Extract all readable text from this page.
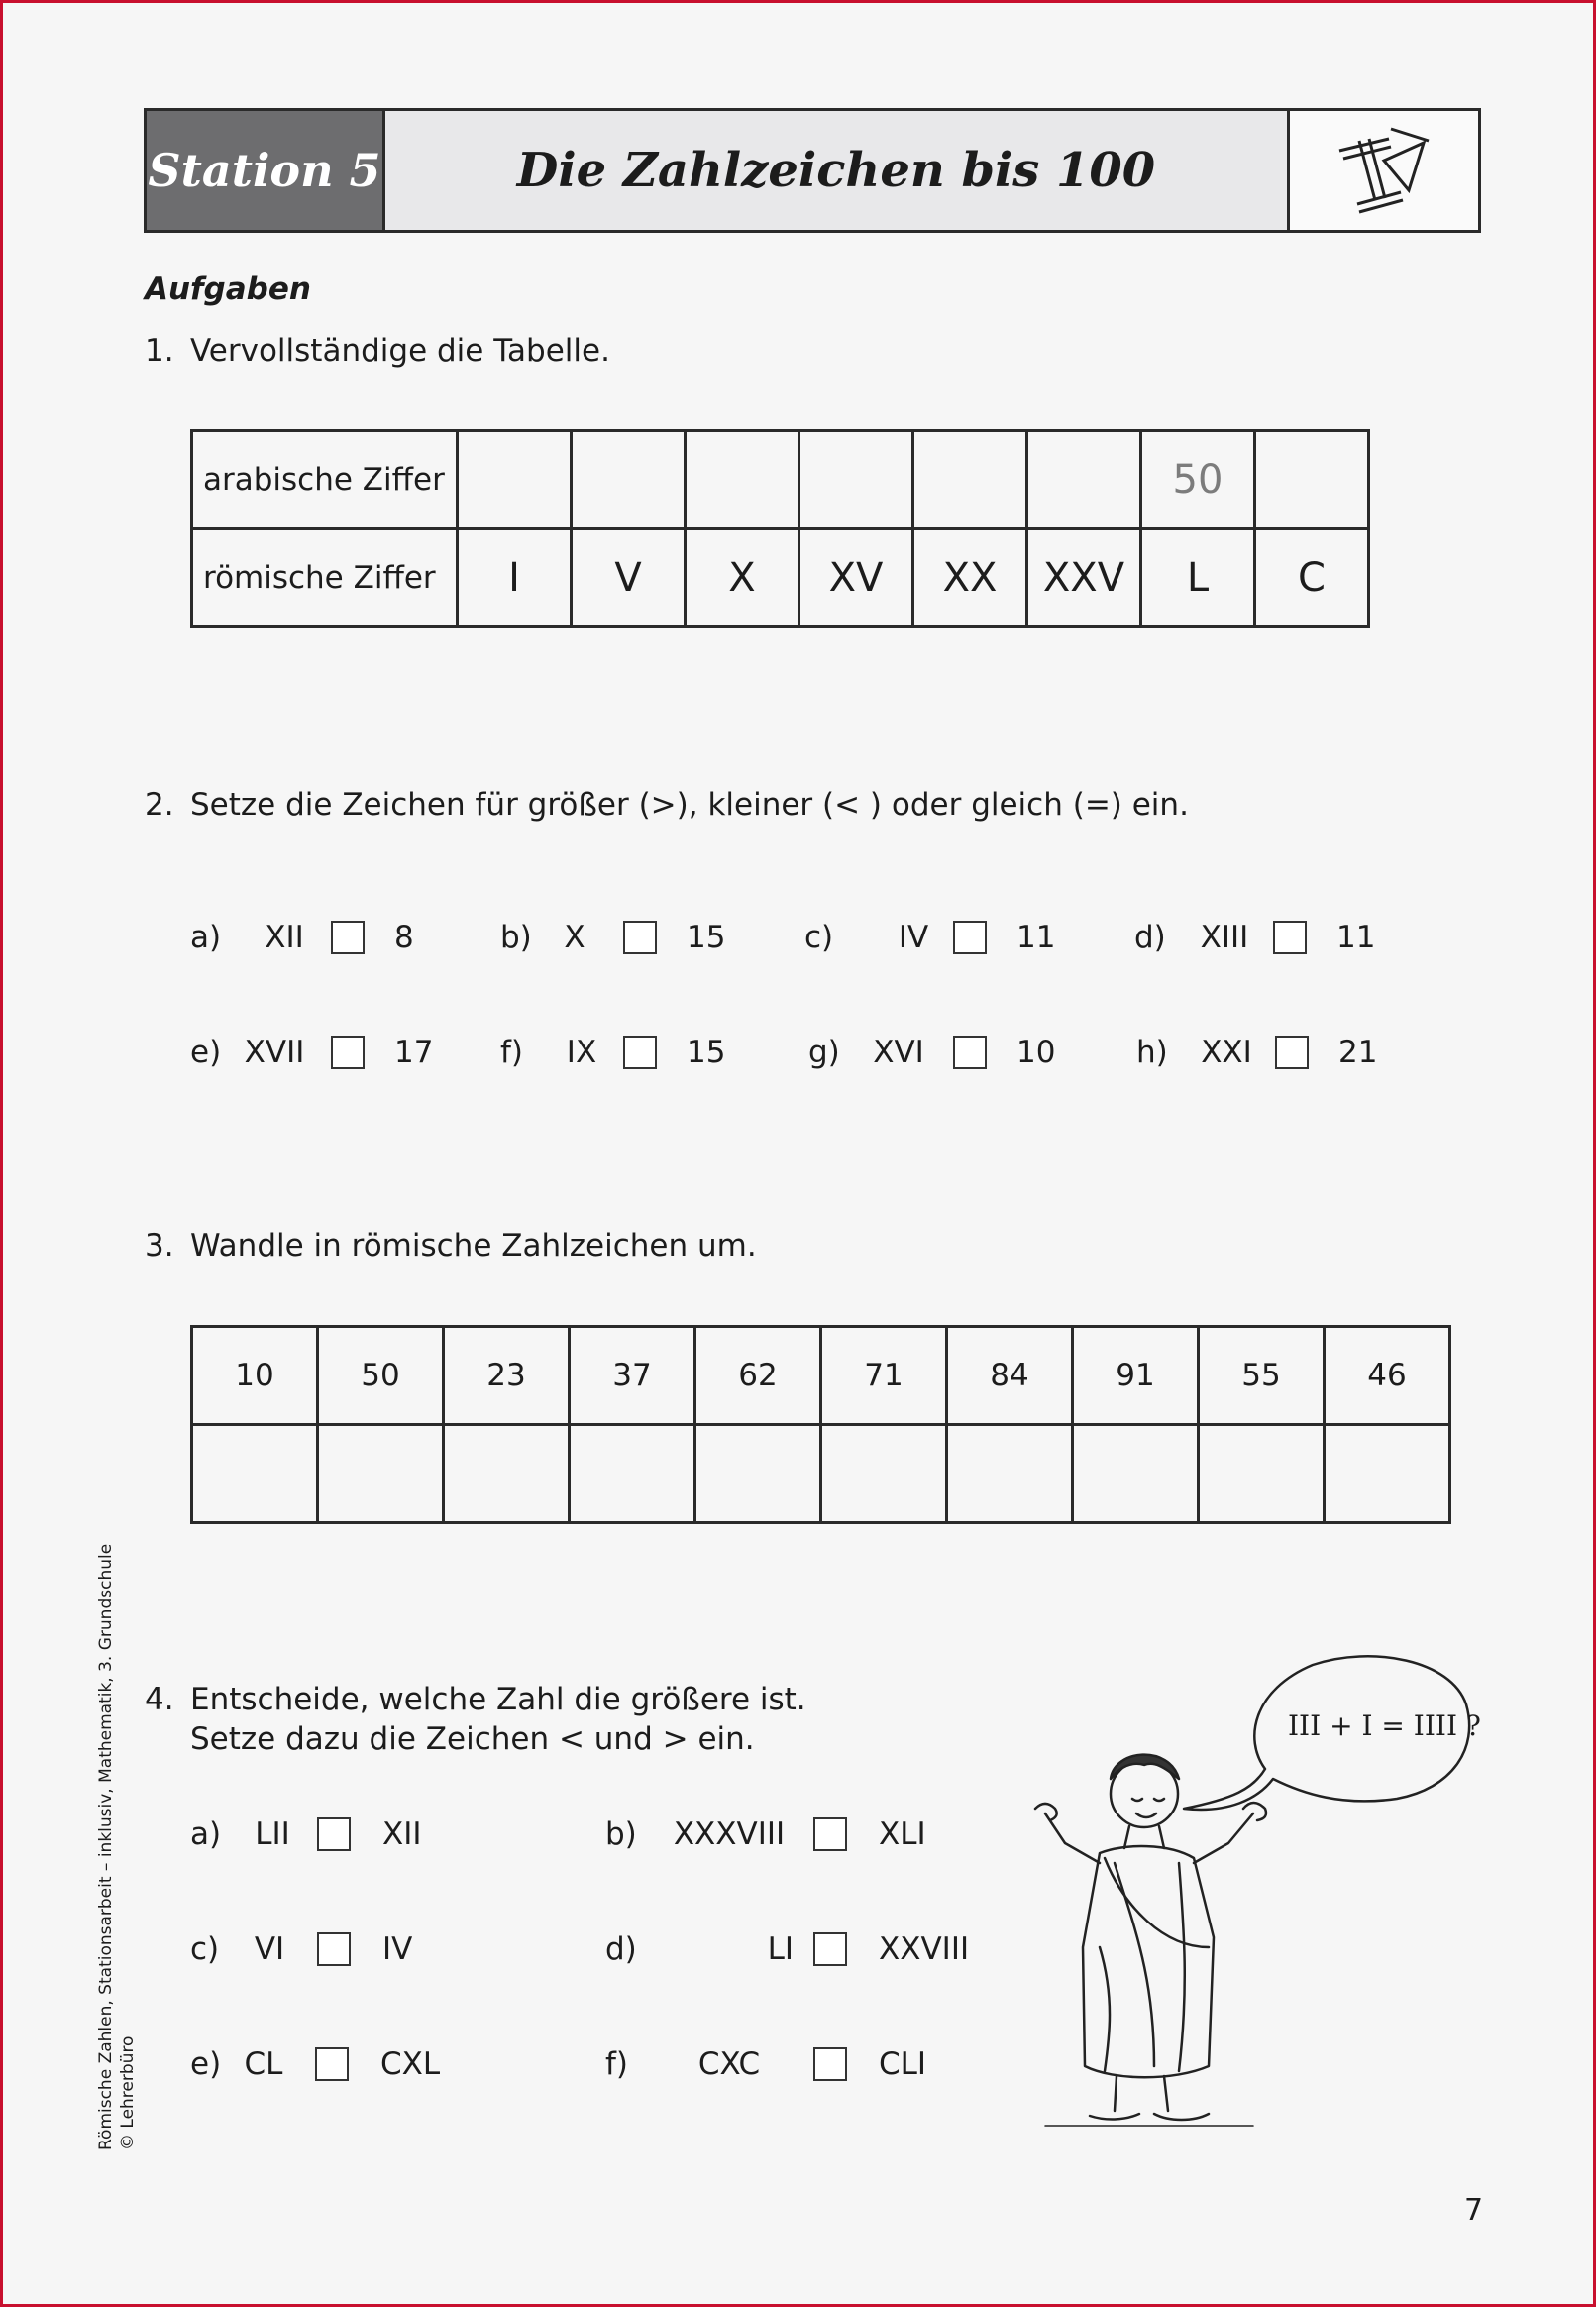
Station 5	Die Zahlzeichen bis 100
Aufgaben
1. Vervollständige die Tabelle.
arabische Ziffer							50	
römische Ziffer	I	V	X	XV	XX	XXV	L	C
2. Setze die Zeichen für größer (>), kleiner (< ) oder gleich (=) ein.
a)	XII	8	b)	X	15	c)	IV	11	d)	XIII	11
e) XVII	17 f)	IX	15	g)	XVI	10	h)	XXI	21
3. Wandle in römische Zahlzeichen um.
10	50	23	37	62	71	84	91	55	46

4. Entscheide, welche Zahl die größere ist.
Setze dazu die Zeichen < und > ein.
a)	LII	XII	b)	XXXVIII	XLI
c)	VI	IV	d)	LI	XXVIII
e) CL	CXL	f)	CXC	CLI
III + I = IIII ?
Römische Zahlen, Stationsarbeit – inklusiv, Mathematik, 3. Grundschule © Lehrerbüro
7
